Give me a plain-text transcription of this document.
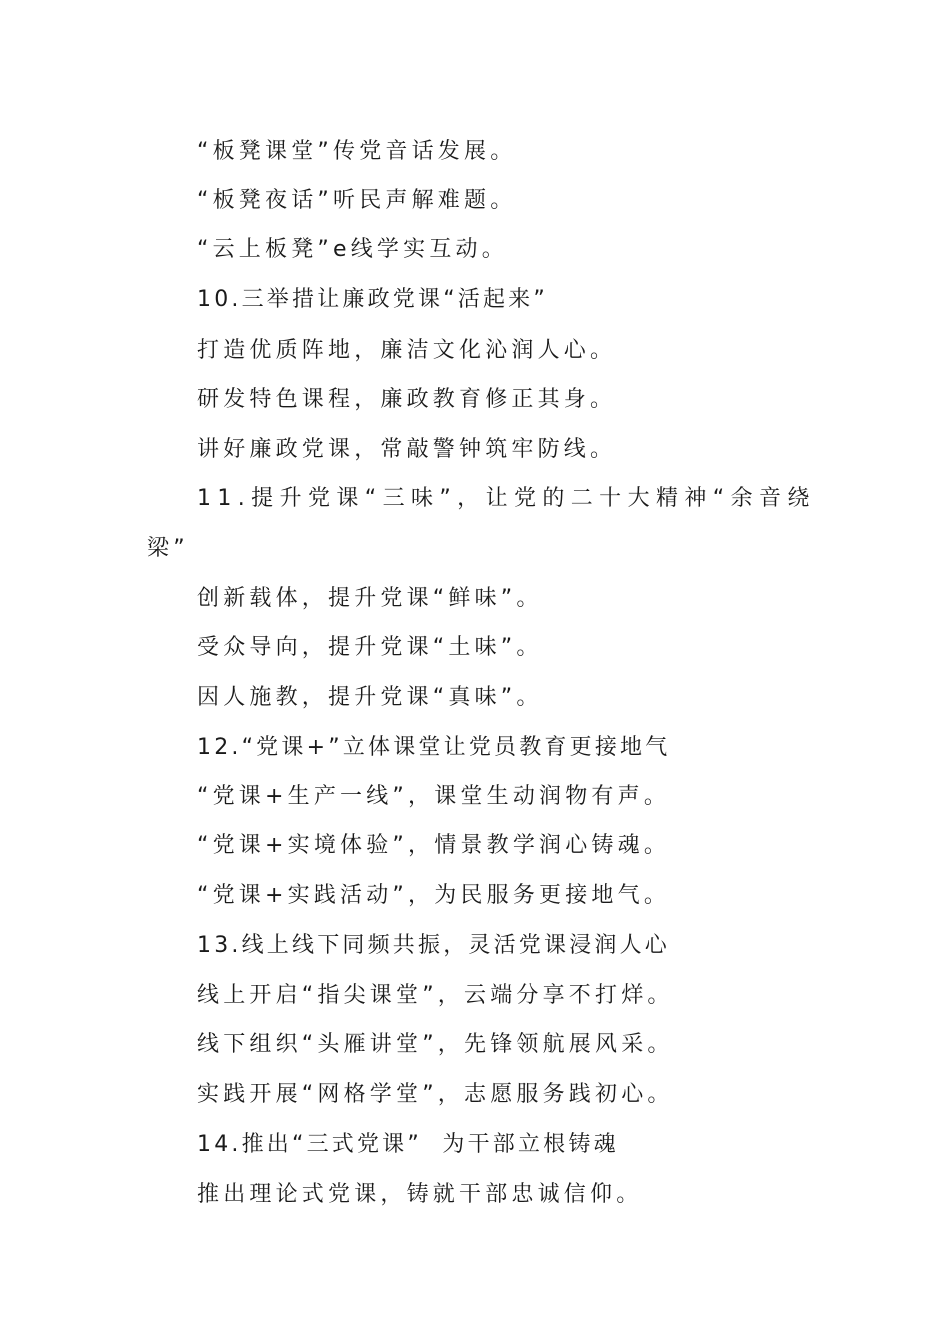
“板凳课堂”传党音话发展。
“板凳夜话”听民声解难题。
“云上板凳”e线学实互动。
10.三举措让廉政党课“活起来”
打造优质阵地，廉洁文化沁润人心。
研发特色课程，廉政教育修正其身。
讲好廉政党课，常敲警钟筑牢防线。
11.提升党课“三味”，让党的二十大精神“余音绕
梁”
创新载体，提升党课“鲜味”。
受众导向，提升党课“土味”。
因人施教，提升党课“真味”。
12.“党课+”立体课堂让党员教育更接地气
“党课+生产一线”，课堂生动润物有声。
“党课+实境体验”，情景教学润心铸魂。
“党课+实践活动”，为民服务更接地气。
13.线上线下同频共振，灵活党课浸润人心
线上开启“指尖课堂”，云端分享不打烊。
线下组织“头雁讲堂”，先锋领航展风采。
实践开展“网格学堂”，志愿服务践初心。
14.推出“三式党课”  为干部立根铸魂
推出理论式党课，铸就干部忠诚信仰。
